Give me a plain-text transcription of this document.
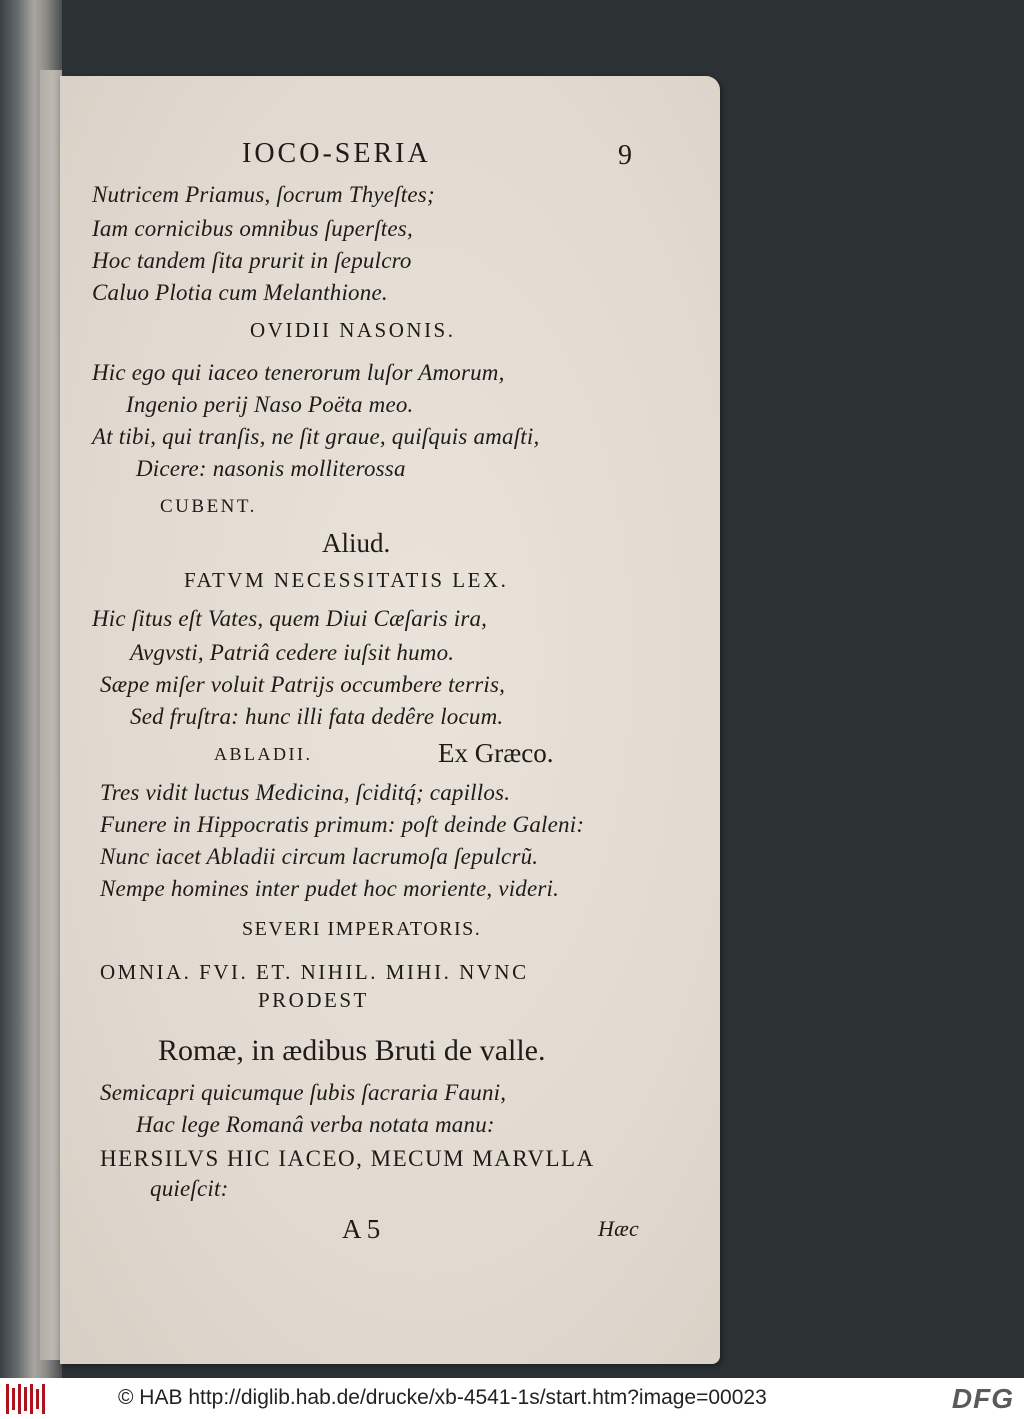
IOCO-SERIA	9
Nutricem Priamus, ſocrum Thyeſtes;
Iam cornicibus omnibus ſuperſtes,
Hoc tandem ſita prurit in ſepulcro
Caluo Plotia cum Melanthione.
OVIDII NASONIS.
Hic ego qui iaceo tenerorum luſor Amorum,
Ingenio perij Naso Poëta meo.
At tibi, qui tranſis, ne ſit graue, quiſquis amaſti,
Dicere: nasonis molliterossa
CUBENT.
Aliud.
FATVM NECESSITATIS LEX.
Hic ſitus eſt Vates, quem Diui Cæſaris ira,
Avgvsti, Patriâ cedere iuſsit humo.
Sæpe miſer voluit Patrijs occumbere terris,
Sed fruſtra: hunc illi fata dedêre locum.
ABLADII.	Ex Græco.
Tres vidit luctus Medicina, ſciditq́; capillos.
Funere in Hippocratis primum: poſt deinde Galeni:
Nunc iacet Abladii circum lacrumoſa ſepulcrũ.
Nempe homines inter pudet hoc moriente, videri.
SEVERI IMPERATORIS.
OMNIA. FVI. ET. NIHIL. MIHI. NVNC
PRODEST
Romæ, in ædibus Bruti de valle.
Semicapri quicumque ſubis ſacraria Fauni,
Hac lege Romanâ verba notata manu:
HERSILVS HIC IACEO, MECUM MARVLLA
quieſcit:
A 5	Hæc
© HAB http://diglib.hab.de/drucke/xb-4541-1s/start.htm?image=00023	DFG
